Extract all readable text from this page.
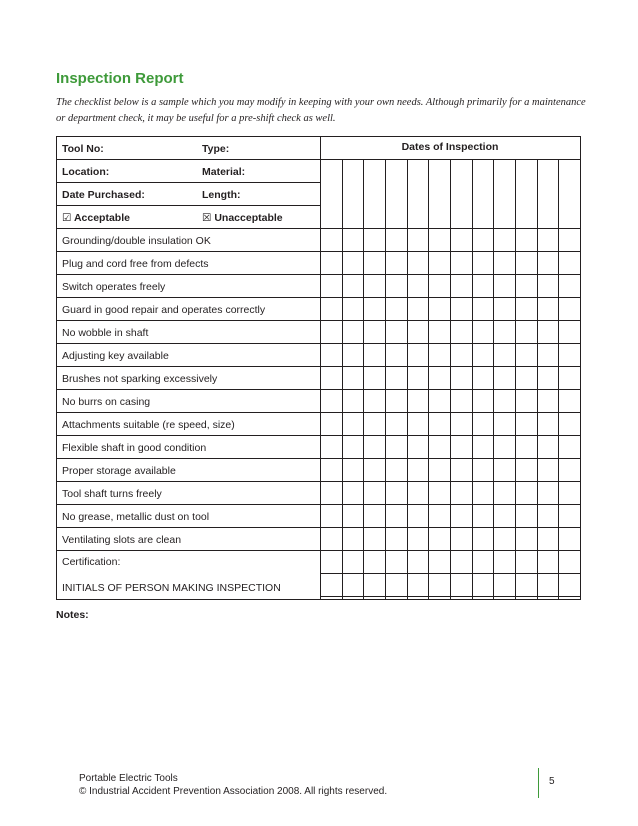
Inspection Report
The checklist below is a sample which you may modify in keeping with your own needs. Although primarily for a maintenance or department check, it may be useful for a pre-shift check as well.
Dates of Inspection
Tool No:	Type:
Location:	Material:
Date Purchased:	Length:
☑ Acceptable	☒ Unacceptable
Grounding/double insulation OK
Plug and cord free from defects
Switch operates freely
Guard in good repair and operates correctly
No wobble in shaft
Adjusting key available
Brushes not sparking excessively
No burrs on casing
Attachments suitable (re speed, size)
Flexible shaft in good condition
Proper storage available
Tool shaft turns freely
No grease, metallic dust on tool
Ventilating slots are clean
Certification:
INITIALS OF PERSON MAKING INSPECTION
Notes:
Portable Electric Tools
© Industrial Accident Prevention Association 2008. All rights reserved.
5
